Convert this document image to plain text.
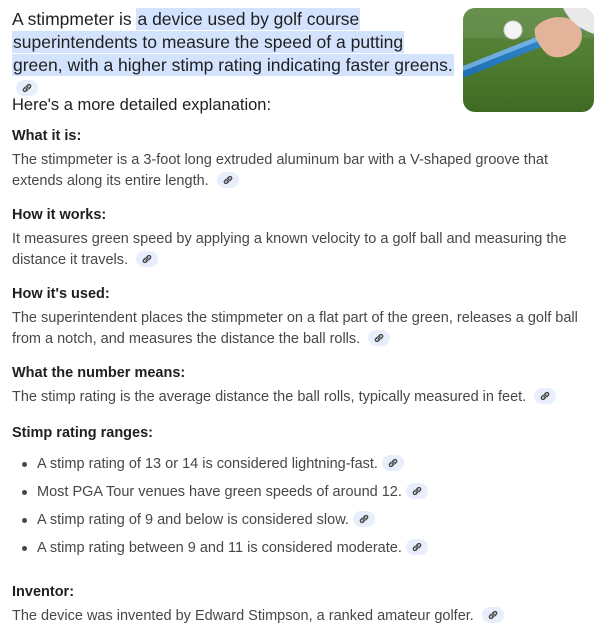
A stimpmeter is a device used by golf course superintendents to measure the speed of a putting green, with a higher stimp rating indicating faster greens.
Here's a more detailed explanation:
What it is:
The stimpmeter is a 3-foot long extruded aluminum bar with a V-shaped groove that extends along its entire length.
How it works:
It measures green speed by applying a known velocity to a golf ball and measuring the distance it travels.
How it's used:
The superintendent places the stimpmeter on a flat part of the green, releases a golf ball from a notch, and measures the distance the ball rolls.
What the number means:
The stimp rating is the average distance the ball rolls, typically measured in feet.
Stimp rating ranges:
A stimp rating of 13 or 14 is considered lightning-fast.
Most PGA Tour venues have green speeds of around 12.
A stimp rating of 9 and below is considered slow.
A stimp rating between 9 and 11 is considered moderate.
Inventor:
The device was invented by Edward Stimpson, a ranked amateur golfer.
